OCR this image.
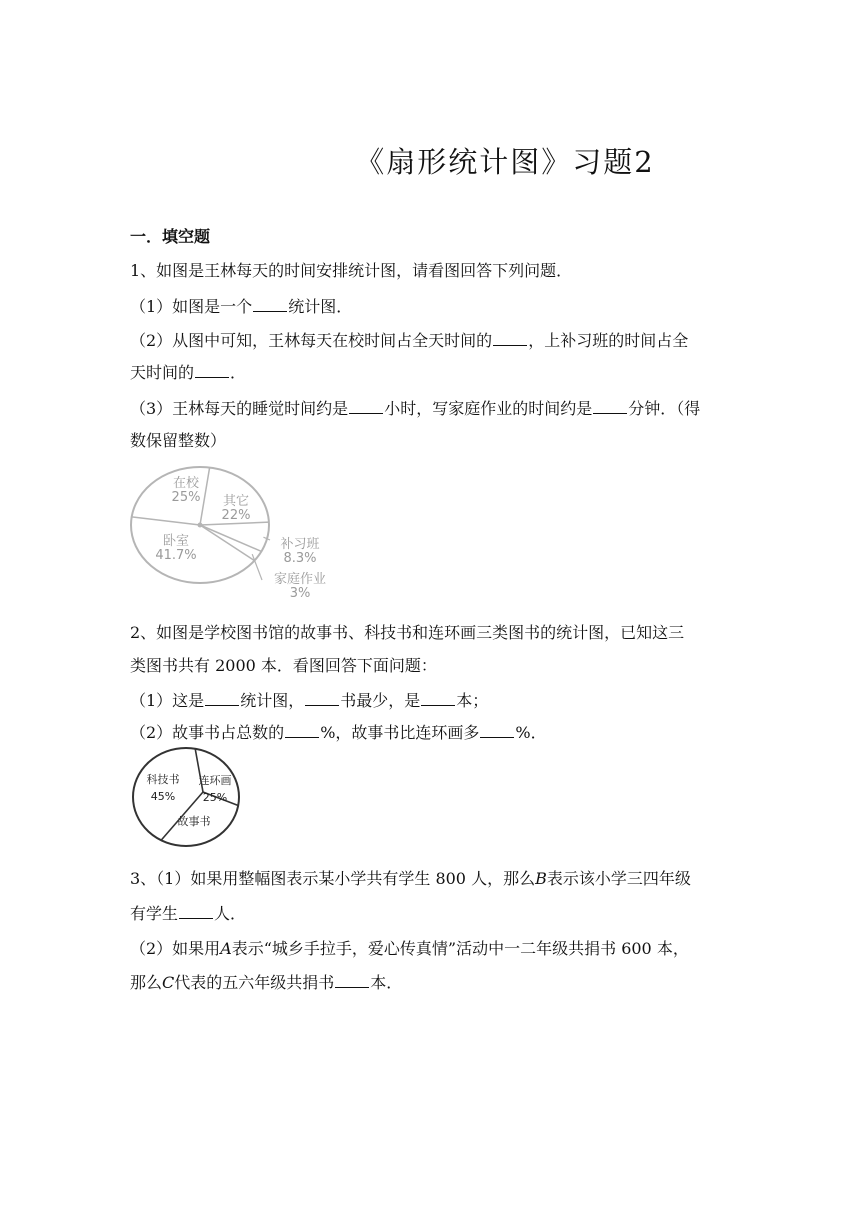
《扇形统计图》习题2
一．填空题
1、如图是王林每天的时间安排统计图，请看图回答下列问题．
（1）如图是一个 统计图．
（2）从图中可知，王林每天在校时间占全天时间的 ，上补习班的时间占全
天时间的 ．
（3）王林每天的睡觉时间约是 小时，写家庭作业的时间约是 分钟．（得
数保留整数）
在校
25% 其它
22%
补习班
8.3%
家庭作业
3%
卧室
41.7%
科技书
45%
连环画
25%
故事书
2、如图是学校图书馆的故事书、科技书和连环画三类图书的统计图，已知这三
类图书共有 2000 本．看图回答下面问题：
（1）这是 统计图， 书最少，是 本；
（2）故事书占总数的 %，故事书比连环画多 %．
3、（1）如果用整幅图表示某小学共有学生 800 人，那么B表示该小学三四年级
有学生 人．
（2）如果用A表示“城乡手拉手，爱心传真情”活动中一二年级共捐书 600 本，
那么C代表的五六年级共捐书 本．
